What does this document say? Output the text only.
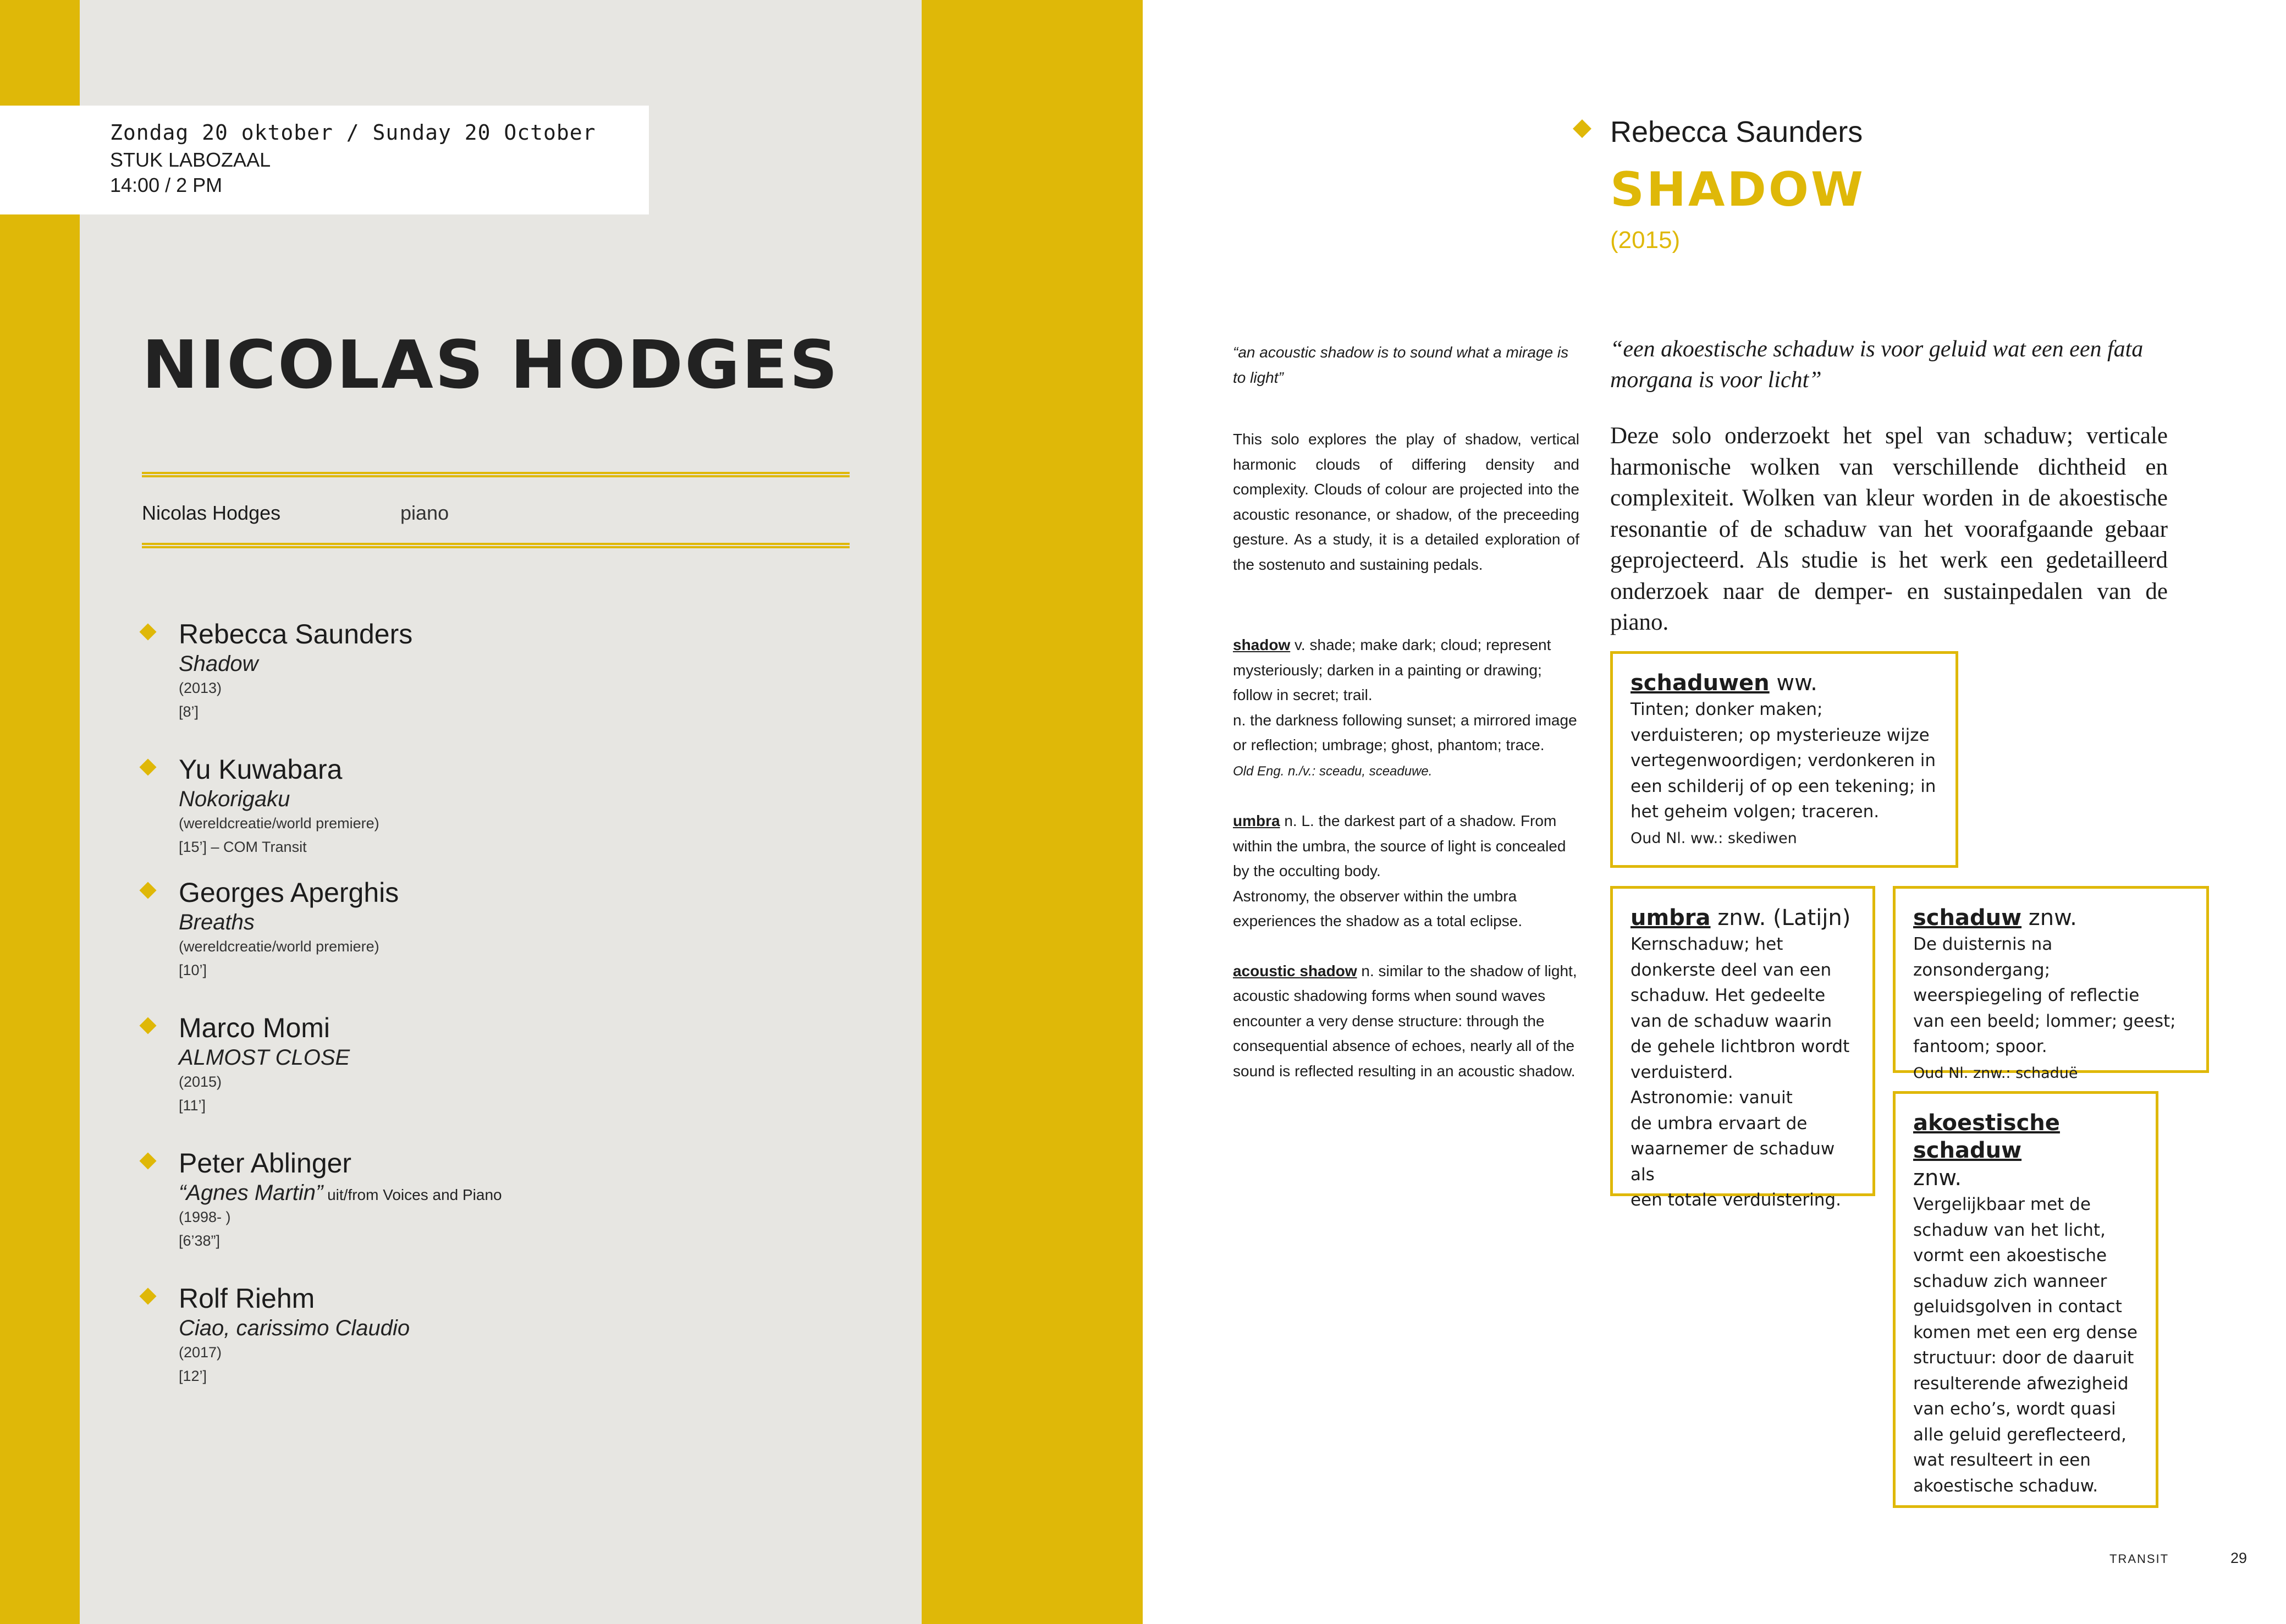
Zondag 20 oktober / Sunday 20 October
STUK LABOZAAL
14:00 / 2 PM
NICOLAS HODGES
Nicolas Hodges	piano
Rebecca Saunders
Shadow
(2013)
[8’]
Yu Kuwabara
Nokorigaku
(wereldcreatie/world premiere)
[15’] – COM Transit
Georges Aperghis
Breaths
(wereldcreatie/world premiere)
[10’]
Marco Momi
ALMOST CLOSE
(2015)
[11’]
Peter Ablinger
“Agnes Martin” uit/from Voices and Piano
(1998- )
[6’38”]
Rolf Riehm
Ciao, carissimo Claudio
(2017)
[12’]
Rebecca Saunders
SHADOW
(2015)
“an acoustic shadow is to sound what a mirage is to light”
This solo explores the play of shadow, vertical harmonic clouds of differing density and complexity. Clouds of colour are projected into the acoustic resonance, or shadow, of the preceeding gesture. As a study, it is a detailed exploration of the sostenuto and sustaining pedals.

shadow v. shade; make dark; cloud; represent mysteriously; darken in a painting or drawing; follow in secret; trail.
n. the darkness following sunset; a mirrored image or reflection; umbrage; ghost, phantom; trace.
Old Eng. n./v.: sceadu, sceaduwe.

umbra n. L. the darkest part of a shadow. From within the umbra, the source of light is concealed by the occulting body.
Astronomy, the observer within the umbra experiences the shadow as a total eclipse.

acoustic shadow n. similar to the shadow of light, acoustic shadowing forms when sound waves encounter a very dense structure: through the consequential absence of echoes, nearly all of the sound is reflected resulting in an acoustic shadow.

“een akoestische schaduw is voor geluid wat een een fata morgana is voor licht”
Deze solo onderzoekt het spel van schaduw; verticale harmonische wolken van verschillende dichtheid en complexiteit. Wolken van kleur worden in de akoestische resonantie of de schaduw van het voorafgaande gebaar geprojecteerd. Als studie is het werk een gedetailleerd onderzoek naar de demper- en sustainpedalen van de piano.
schaduwen ww.
Tinten; donker maken;
verduisteren; op mysterieuze wijze
vertegenwoordigen; verdonkeren in
een schilderij of op een tekening; in
het geheim volgen; traceren.
Oud Nl. ww.: skediwen
umbra znw. (Latijn)
Kernschaduw; het
donkerste deel van een
schaduw. Het gedeelte
van de schaduw waarin
de gehele lichtbron wordt
verduisterd.
Astronomie: vanuit
de umbra ervaart de
waarnemer de schaduw als
een totale verduistering.
schaduw znw.
De duisternis na zonsondergang;
weerspiegeling of reflectie
van een beeld; lommer; geest;
fantoom; spoor.
Oud Nl. znw.: schaduë
akoestische
schaduw
znw.
Vergelijkbaar met de
schaduw van het licht,
vormt een akoestische
schaduw zich wanneer
geluidsgolven in contact
komen met een erg dense
structuur: door de daaruit
resulterende afwezigheid
van echo’s, wordt quasi
alle geluid gereflecteerd,
wat resulteert in een
akoestische schaduw.
TRANSIT	29
